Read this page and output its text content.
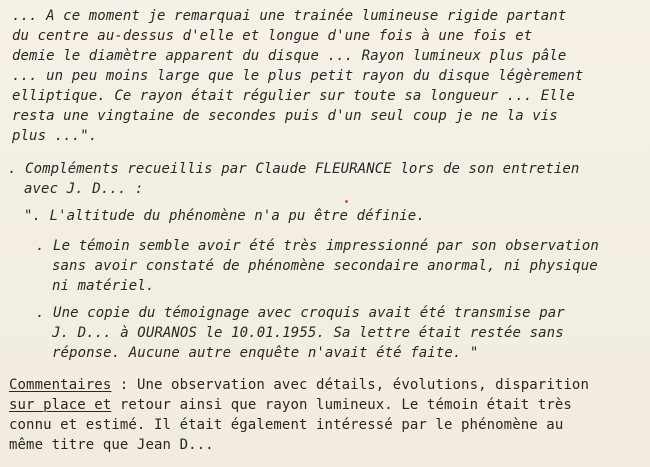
... A ce moment je remarquai une trainée lumineuse rigide partant
du centre au-dessus d'elle et longue d'une fois à une fois et
demie le diamètre apparent du disque ... Rayon lumineux plus pâle
... un peu moins large que le plus petit rayon du disque légèrement
elliptique. Ce rayon était régulier sur toute sa longueur ... Elle
resta une vingtaine de secondes puis d'un seul coup je ne la vis
plus ...".
. Compléments recueillis par Claude FLEURANCE lors de son entretien
avec J. D... :
". L'altitude du phénomène n'a pu être définie.
. Le témoin semble avoir été très impressionné par son observation
sans avoir constaté de phénomène secondaire anormal, ni physique
ni matériel.
. Une copie du témoignage avec croquis avait été transmise par
J. D... à OURANOS le 10.01.1955. Sa lettre était restée sans
réponse. Aucune autre enquête n'avait été faite. "
Commentaires : Une observation avec détails, évolutions, disparition
sur place et retour ainsi que rayon lumineux. Le témoin était très
connu et estimé. Il était également intéressé par le phénomène au
même titre que Jean D...
